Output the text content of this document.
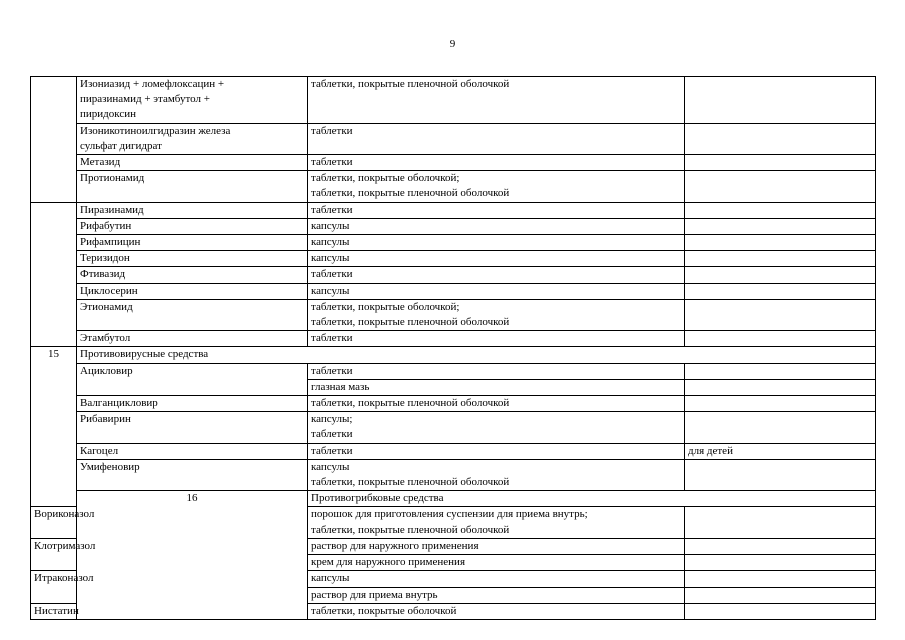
9
	Изониазид + ломефлоксацин +
пиразинамид + этамбутол +
пиридоксин	таблетки, покрытые пленочной оболочкой	
	Изоникотиноилгидразин железа
сульфат дигидрат	таблетки	
	Метазид	таблетки	
	Протионамид	таблетки, покрытые оболочкой;
таблетки, покрытые пленочной оболочкой	
	Пиразинамид	таблетки	
	Рифабутин	капсулы	
	Рифампицин	капсулы	
	Теризидон	капсулы	
	Фтивазид	таблетки	
	Циклосерин	капсулы	
	Этионамид	таблетки, покрытые оболочкой;
таблетки, покрытые пленочной оболочкой	
	Этамбутол	таблетки	
15	Противовирусные средства		
	Ацикловир	таблетки	
		глазная мазь	
	Валганцикловир	таблетки, покрытые пленочной оболочкой	
	Рибавирин	капсулы;
таблетки	
	Кагоцел	таблетки	для детей
	Умифеновир	капсулы
таблетки, покрытые пленочной оболочкой	
	16	Противогрибковые средства	
Вориконазол		порошок для приготовления суспензии для приема внутрь;
таблетки, покрытые пленочной оболочкой	
Клотримазол		раствор для наружного применения	
		крем для наружного применения	
Итраконазол		капсулы	
		раствор для приема внутрь	
Нистатин		таблетки, покрытые оболочкой	
